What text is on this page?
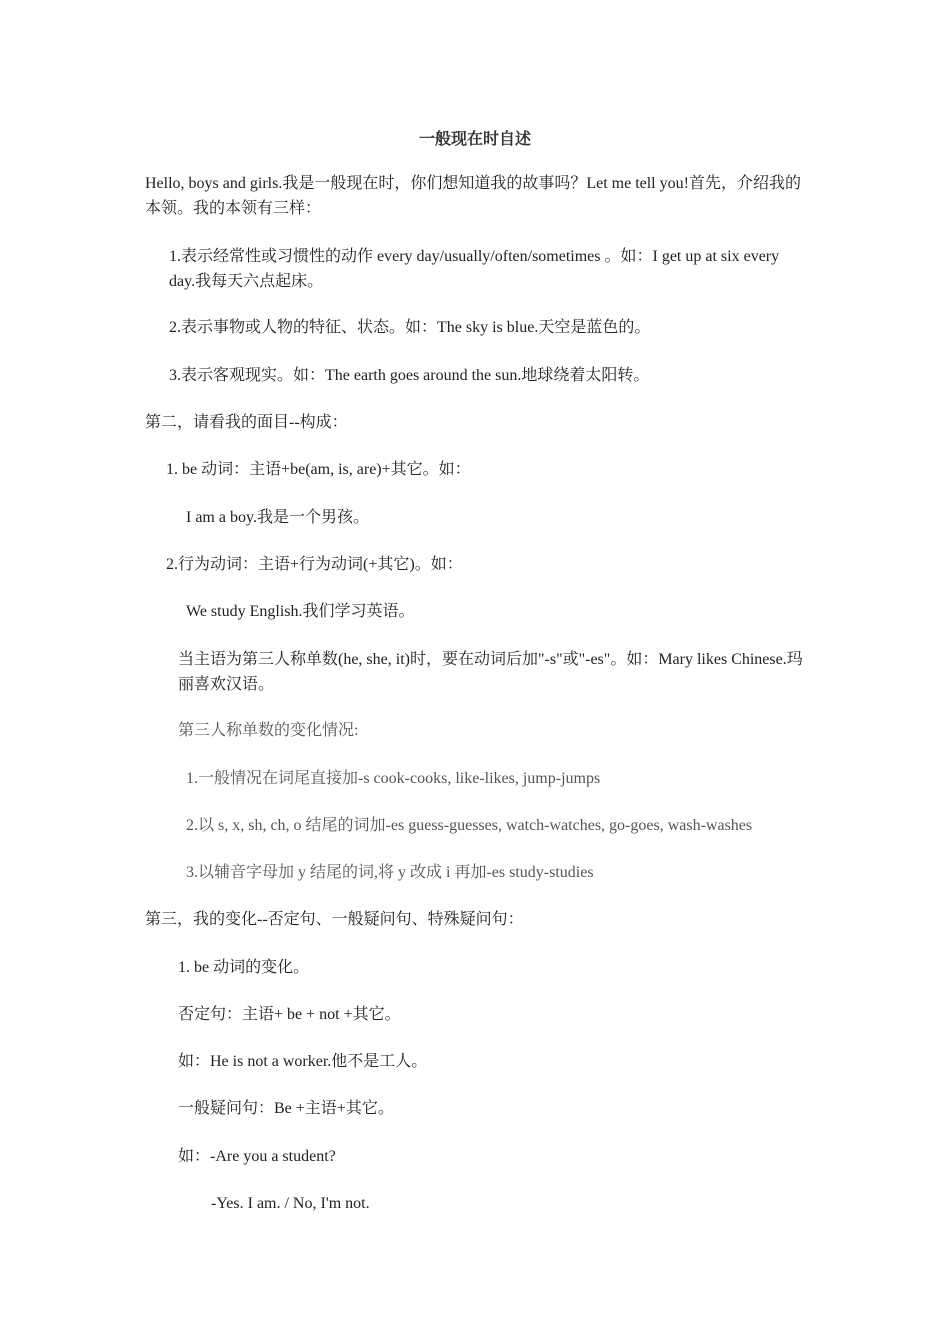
一般现在时自述
Hello, boys and girls.我是一般现在时，你们想知道我的故事吗？Let me tell you!首先，介绍我的本领。我的本领有三样：
1.表示经常性或习惯性的动作 every day/usually/often/sometimes 。如：I get up at six every day.我每天六点起床。
2.表示事物或人物的特征、状态。如：The sky is blue.天空是蓝色的。
3.表示客观现实。如：The earth goes around the sun.地球绕着太阳转。
第二，请看我的面目--构成：
1. be 动词：主语+be(am, is, are)+其它。如：
I am a boy.我是一个男孩。
2.行为动词：主语+行为动词(+其它)。如：
We study English.我们学习英语。
当主语为第三人称单数(he, she, it)时，要在动词后加"-s"或"-es"。如：Mary likes Chinese.玛丽喜欢汉语。
第三人称单数的变化情况:
1.一般情况在词尾直接加-s cook-cooks, like-likes, jump-jumps
2.以 s, x, sh, ch, o 结尾的词加-es guess-guesses, watch-watches, go-goes, wash-washes
3.以辅音字母加 y 结尾的词,将 y 改成 i 再加-es study-studies
第三，我的变化--否定句、一般疑问句、特殊疑问句：
1. be 动词的变化。
否定句：主语+ be + not +其它。
如：He is not a worker.他不是工人。
一般疑问句：Be +主语+其它。
如：-Are you a student?
-Yes. I am. / No, I'm not.
